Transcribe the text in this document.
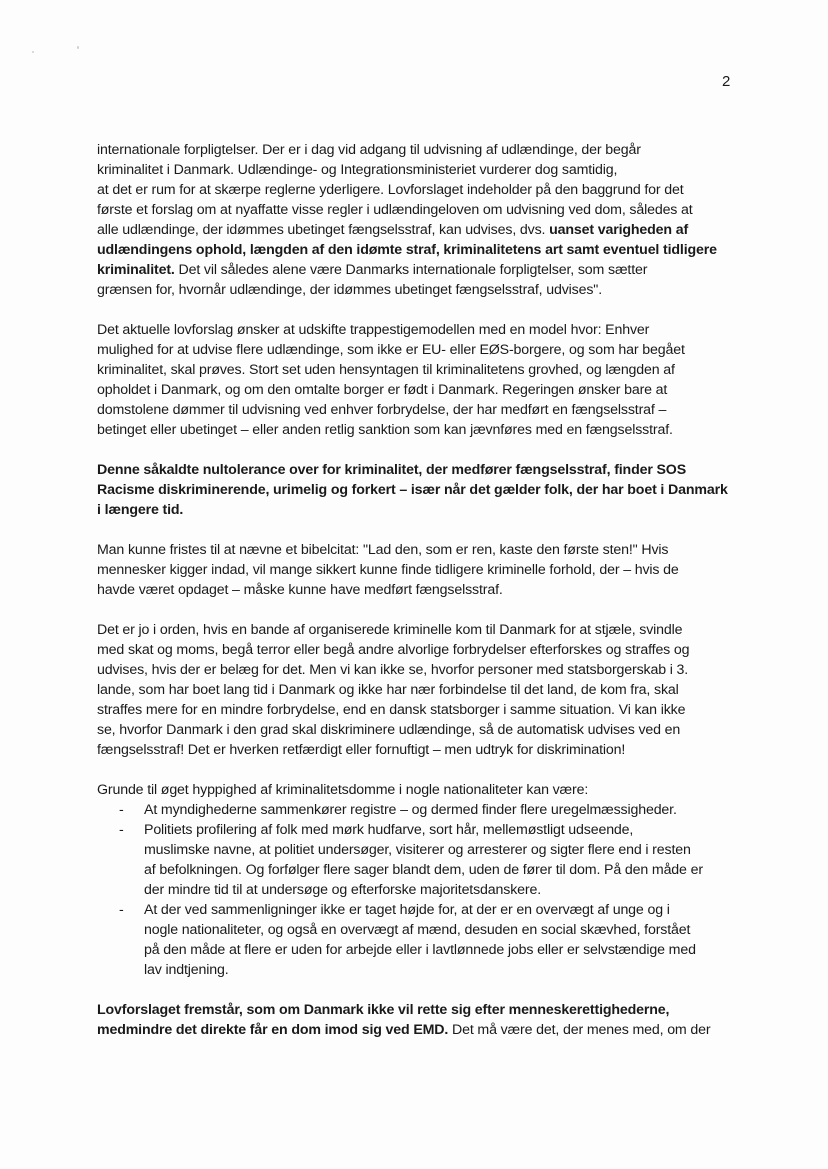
2
internationale forpligtelser. Der er i dag vid adgang til udvisning af udlændinge, der begår
kriminalitet i Danmark. Udlændinge- og Integrationsministeriet vurderer dog samtidig,
at det er rum for at skærpe reglerne yderligere. Lovforslaget indeholder på den baggrund for det
første et forslag om at nyaffatte visse regler i udlændingeloven om udvisning ved dom, således at
alle udlændinge, der idømmes ubetinget fængselsstraf, kan udvises, dvs. uanset varigheden af
udlændingens ophold, længden af den idømte straf, kriminalitetens art samt eventuel tidligere
kriminalitet. Det vil således alene være Danmarks internationale forpligtelser, som sætter
grænsen for, hvornår udlændinge, der idømmes ubetinget fængselsstraf, udvises".
Det aktuelle lovforslag ønsker at udskifte trappestigemodellen med en model hvor: Enhver
mulighed for at udvise flere udlændinge, som ikke er EU- eller EØS-borgere, og som har begået
kriminalitet, skal prøves. Stort set uden hensyntagen til kriminalitetens grovhed, og længden af
opholdet i Danmark, og om den omtalte borger er født i Danmark. Regeringen ønsker bare at
domstolene dømmer til udvisning ved enhver forbrydelse, der har medført en fængselsstraf –
betinget eller ubetinget – eller anden retlig sanktion som kan jævnføres med en fængselsstraf.
Denne såkaldte nultolerance over for kriminalitet, der medfører fængselsstraf, finder SOS
Racisme diskriminerende, urimelig og forkert – især når det gælder folk, der har boet i Danmark
i længere tid.
Man kunne fristes til at nævne et bibelcitat: "Lad den, som er ren, kaste den første sten!" Hvis
mennesker kigger indad, vil mange sikkert kunne finde tidligere kriminelle forhold, der – hvis de
havde været opdaget – måske kunne have medført fængselsstraf.
Det er jo i orden, hvis en bande af organiserede kriminelle kom til Danmark for at stjæle, svindle
med skat og moms, begå terror eller begå andre alvorlige forbrydelser efterforskes og straffes og
udvises, hvis der er belæg for det. Men vi kan ikke se, hvorfor personer med statsborgerskab i 3.
lande, som har boet lang tid i Danmark og ikke har nær forbindelse til det land, de kom fra, skal
straffes mere for en mindre forbrydelse, end en dansk statsborger i samme situation. Vi kan ikke
se, hvorfor Danmark i den grad skal diskriminere udlændinge, så de automatisk udvises ved en
fængselsstraf! Det er hverken retfærdigt eller fornuftigt – men udtryk for diskrimination!
Grunde til øget hyppighed af kriminalitetsdomme i nogle nationaliteter kan være:
- At myndighederne sammenkører registre – og dermed finder flere uregelmæssigheder.
- Politiets profilering af folk med mørk hudfarve, sort hår, mellemøstligt udseende,
muslimske navne, at politiet undersøger, visiterer og arresterer og sigter flere end i resten
af befolkningen. Og forfølger flere sager blandt dem, uden de fører til dom. På den måde er
der mindre tid til at undersøge og efterforske majoritetsdanskere.
- At der ved sammenligninger ikke er taget højde for, at der er en overvægt af unge og i
nogle nationaliteter, og også en overvægt af mænd, desuden en social skævhed, forstået
på den måde at flere er uden for arbejde eller i lavtlønnede jobs eller er selvstændige med
lav indtjening.
Lovforslaget fremstår, som om Danmark ikke vil rette sig efter menneskerettighederne,
medmindre det direkte får en dom imod sig ved EMD. Det må være det, der menes med, om der
